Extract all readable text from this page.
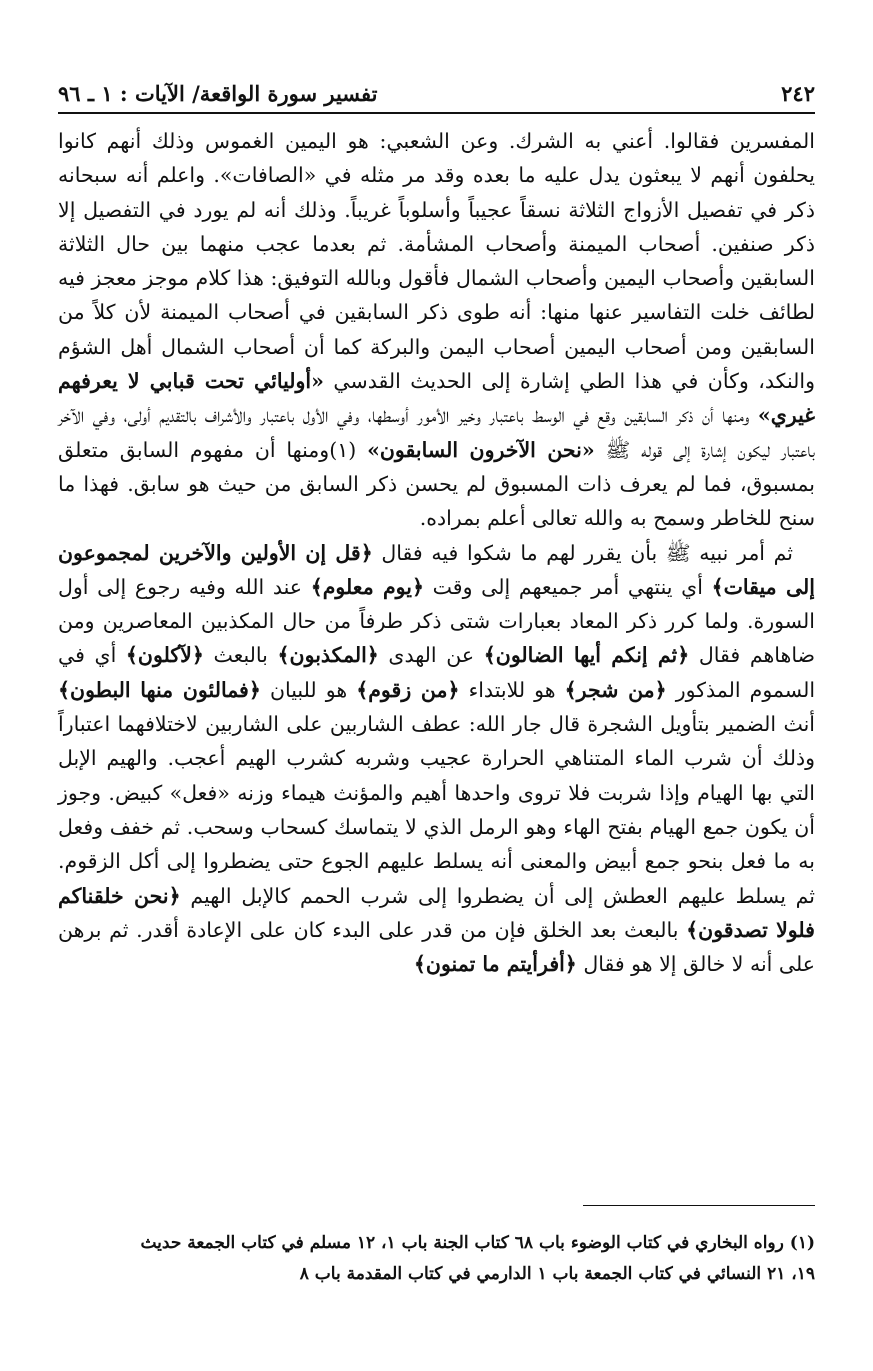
٢٤٢
تفسير سورة الواقعة/ الآيات : ١ ـ ٩٦

المفسرين فقالوا. أعني به الشرك. وعن الشعبي: هو اليمين الغموس وذلك أنهم كانوا يحلفون أنهم لا يبعثون يدل عليه ما بعده وقد مر مثله في «الصافات». واعلم أنه سبحانه ذكر في تفصيل الأزواج الثلاثة نسقاً عجيباً وأسلوباً غريباً. وذلك أنه لم يورد في التفصيل إلا ذكر صنفين. أصحاب الميمنة وأصحاب المشأمة. ثم بعدما عجب منهما بين حال الثلاثة السابقين وأصحاب اليمين وأصحاب الشمال فأقول وبالله التوفيق: هذا كلام موجز معجز فيه لطائف خلت التفاسير عنها منها: أنه طوى ذكر السابقين في أصحاب الميمنة لأن كلاً من السابقين ومن أصحاب اليمين أصحاب اليمن والبركة كما أن أصحاب الشمال أهل الشؤم والنكد، وكأن في هذا الطي إشارة إلى الحديث القدسي «أوليائي تحت قبابي لا يعرفهم غيري» ومنها أن ذكر السابقين وقع في الوسط باعتبار وخير الأمور أوسطها، وفي الأول باعتبار والأشراف بالتقديم أولى، وفي الآخر باعتبار ليكون إشارة إلى قوله ﷺ «نحن الآخرون السابقون» (١)ومنها أن مفهوم السابق متعلق بمسبوق، فما لم يعرف ذات المسبوق لم يحسن ذكر السابق من حيث هو سابق. فهذا ما سنح للخاطر وسمح به والله تعالى أعلم بمراده.

ثم أمر نبيه ﷺ بأن يقرر لهم ما شكوا فيه فقال ﴿قل إن الأولين والآخرين لمجموعون إلى ميقات﴾ أي ينتهي أمر جميعهم إلى وقت ﴿يوم معلوم﴾ عند الله وفيه رجوع إلى أول السورة. ولما كرر ذكر المعاد بعبارات شتى ذكر طرفاً من حال المكذبين المعاصرين ومن ضاهاهم فقال ﴿ثم إنكم أيها الضالون﴾ عن الهدى ﴿المكذبون﴾ بالبعث ﴿لآكلون﴾ أي في السموم المذكور ﴿من شجر﴾ هو للابتداء ﴿من زقوم﴾ هو للبيان ﴿فمالئون منها البطون﴾ أنث الضمير بتأويل الشجرة قال جار الله: عطف الشاربين على الشاربين لاختلافهما اعتباراً وذلك أن شرب الماء المتناهي الحرارة عجيب وشربه كشرب الهيم أعجب. والهيم الإبل التي بها الهيام وإذا شربت فلا تروى واحدها أهيم والمؤنث هيماء وزنه «فعل» كبيض. وجوز أن يكون جمع الهيام بفتح الهاء وهو الرمل الذي لا يتماسك كسحاب وسحب. ثم خفف وفعل به ما فعل بنحو جمع أبيض والمعنى أنه يسلط عليهم الجوع حتى يضطروا إلى أكل الزقوم. ثم يسلط عليهم العطش إلى أن يضطروا إلى شرب الحمم كالإبل الهيم ﴿نحن خلقناكم فلولا تصدقون﴾ بالبعث بعد الخلق فإن من قدر على البدء كان على الإعادة أقدر. ثم برهن على أنه لا خالق إلا هو فقال ﴿أفرأيتم ما تمنون﴾

(١) رواه البخاري في كتاب الوضوء باب ٦٨ كتاب الجنة باب ١، ١٢ مسلم في كتاب الجمعة حديث
١٩، ٢١ النسائي في كتاب الجمعة باب ١ الدارمي في كتاب المقدمة باب ٨
